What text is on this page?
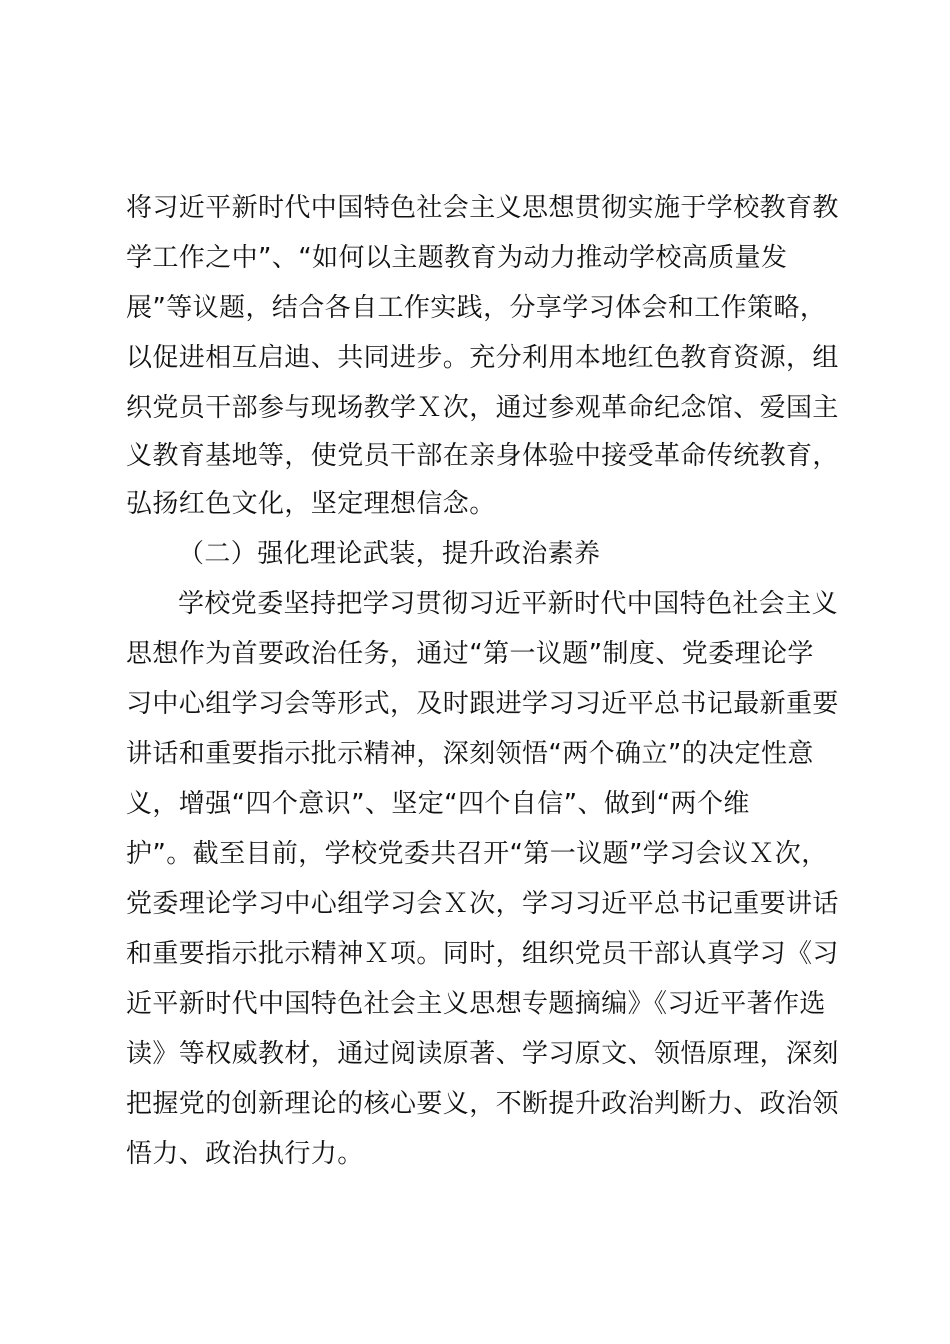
将习近平新时代中国特色社会主义思想贯彻实施于学校教育教
学工作之中”、“如何以主题教育为动力推动学校高质量发
展”等议题，结合各自工作实践，分享学习体会和工作策略，
以促进相互启迪、共同进步。充分利用本地红色教育资源，组
织党员干部参与现场教学Ｘ次，通过参观革命纪念馆、爱国主
义教育基地等，使党员干部在亲身体验中接受革命传统教育，
弘扬红色文化，坚定理想信念。
（二）强化理论武装，提升政治素养
学校党委坚持把学习贯彻习近平新时代中国特色社会主义
思想作为首要政治任务，通过“第一议题”制度、党委理论学
习中心组学习会等形式，及时跟进学习习近平总书记最新重要
讲话和重要指示批示精神，深刻领悟“两个确立”的决定性意
义，增强“四个意识”、坚定“四个自信”、做到“两个维
护”。截至目前，学校党委共召开“第一议题”学习会议Ｘ次，
党委理论学习中心组学习会Ｘ次，学习习近平总书记重要讲话
和重要指示批示精神Ｘ项。同时，组织党员干部认真学习《习
近平新时代中国特色社会主义思想专题摘编》《习近平著作选
读》等权威教材，通过阅读原著、学习原文、领悟原理，深刻
把握党的创新理论的核心要义，不断提升政治判断力、政治领
悟力、政治执行力。
